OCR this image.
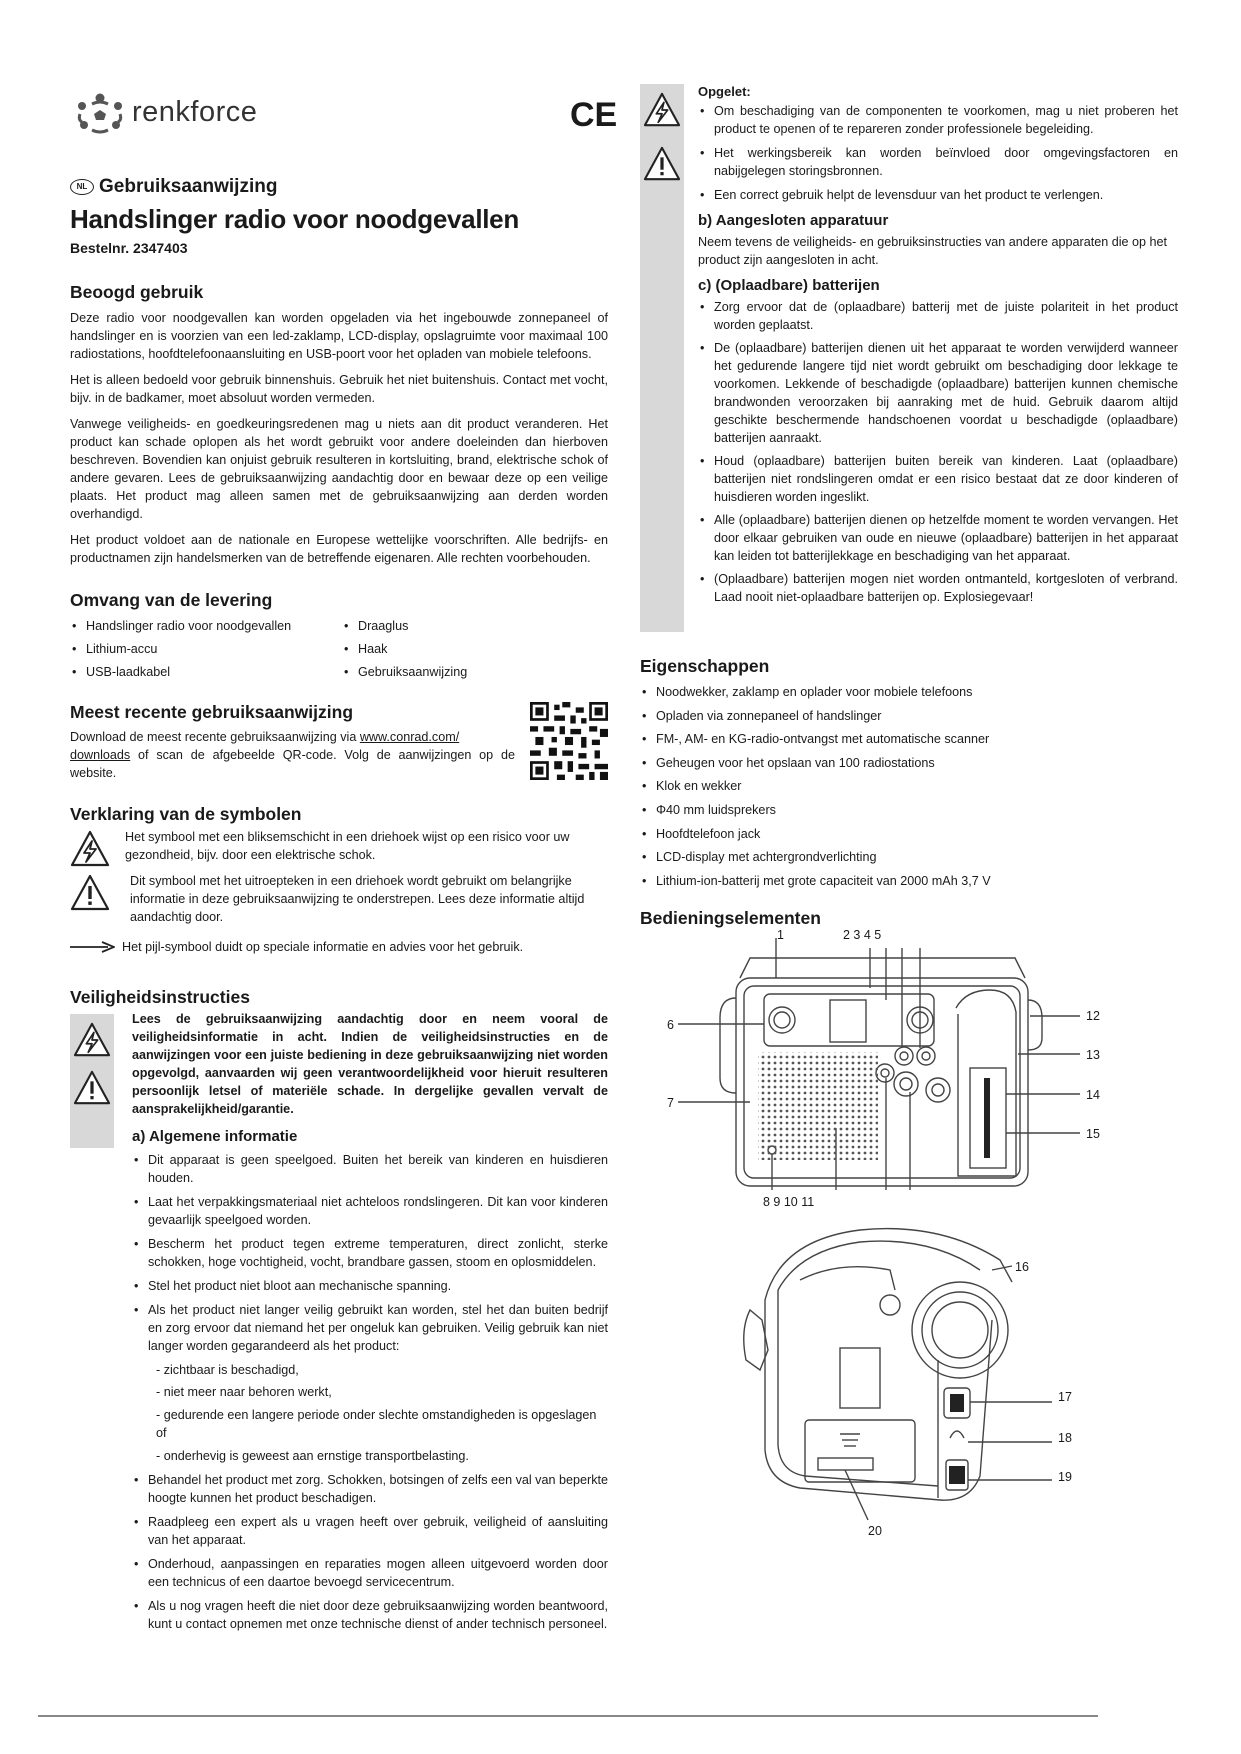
renkforce	CE
NL Gebruiksaanwijzing
Handslinger radio voor noodgevallen
Bestelnr. 2347403
Beoogd gebruik

Deze radio voor noodgevallen kan worden opgeladen via het ingebouwde zonnepaneel of handslinger en is voorzien van een led-zaklamp, LCD-display, opslagruimte voor maximaal 100 radiostations, hoofdtelefoonaansluiting en USB-poort voor het opladen van mobiele telefoons.

Het is alleen bedoeld voor gebruik binnenshuis. Gebruik het niet buitenshuis. Contact met vocht, bijv. in de badkamer, moet absoluut worden vermeden.

Vanwege veiligheids- en goedkeuringsredenen mag u niets aan dit product veranderen. Het product kan schade oplopen als het wordt gebruikt voor andere doeleinden dan hierboven beschreven. Bovendien kan onjuist gebruik resulteren in kortsluiting, brand, elektrische schok of andere gevaren. Lees de gebruiksaanwijzing aandachtig door en bewaar deze op een veilige plaats. Het product mag alleen samen met de gebruiksaanwijzing aan derden worden overhandigd.

Het product voldoet aan de nationale en Europese wettelijke voorschriften. Alle bedrijfs- en productnamen zijn handelsmerken van de betreffende eigenaren. Alle rechten voorbehouden.

Omvang van de levering
• Handslinger radio voor noodgevallen
• Lithium-accu
• USB-laadkabel
• Draaglus
• Haak
• Gebruiksaanwijzing
Meest recente gebruiksaanwijzing

Download de meest recente gebruiksaanwijzing via www.conrad.com/
downloads of scan de afgebeelde QR-code. Volg de aanwijzingen op de website.

Verklaring van de symbolen

Het symbool met een bliksemschicht in een driehoek wijst op een risico voor uw gezondheid, bijv. door een elektrische schok.

Dit symbool met het uitroepteken in een driehoek wordt gebruikt om belangrijke informatie in deze gebruiksaanwijzing te onderstrepen. Lees deze informatie altijd aandachtig door.

Het pijl-symbool duidt op speciale informatie en advies voor het gebruik.

Veiligheidsinstructies

Lees de gebruiksaanwijzing aandachtig door en neem vooral de veiligheidsinformatie in acht. Indien de veiligheidsinstructies en de aanwijzingen voor een juiste bediening in deze gebruiksaanwijzing niet worden opgevolgd, aanvaarden wij geen verantwoordelijkheid voor hieruit resulteren persoonlijk letsel of materiële schade. In dergelijke gevallen vervalt de aansprakelijkheid/garantie.

a) Algemene informatie
• Dit apparaat is geen speelgoed. Buiten het bereik van kinderen en huisdieren houden.
• Laat het verpakkingsmateriaal niet achteloos rondslingeren. Dit kan voor kinderen gevaarlijk speelgoed worden.
• Bescherm het product tegen extreme temperaturen, direct zonlicht, sterke schokken, hoge vochtigheid, vocht, brandbare gassen, stoom en oplosmiddelen.
• Stel het product niet bloot aan mechanische spanning.
• Als het product niet langer veilig gebruikt kan worden, stel het dan buiten bedrijf en zorg ervoor dat niemand het per ongeluk kan gebruiken. Veilig gebruik kan niet langer worden gegarandeerd als het product:
- zichtbaar is beschadigd,
- niet meer naar behoren werkt,
- gedurende een langere periode onder slechte omstandigheden is opgeslagen of
- onderhevig is geweest aan ernstige transportbelasting.
• Behandel het product met zorg. Schokken, botsingen of zelfs een val van beperkte hoogte kunnen het product beschadigen.
• Raadpleeg een expert als u vragen heeft over gebruik, veiligheid of aansluiting van het apparaat.
• Onderhoud, aanpassingen en reparaties mogen alleen uitgevoerd worden door een technicus of een daartoe bevoegd servicecentrum.
• Als u nog vragen heeft die niet door deze gebruiksaanwijzing worden beantwoord, kunt u contact opnemen met onze technische dienst of ander technisch personeel.
Opgelet:
• Om beschadiging van de componenten te voorkomen, mag u niet proberen het product te openen of te repareren zonder professionele begeleiding.
• Het werkingsbereik kan worden beïnvloed door omgevingsfactoren en nabijgelegen storingsbronnen.
• Een correct gebruik helpt de levensduur van het product te verlengen.
b) Aangesloten apparatuur

Neem tevens de veiligheids- en gebruiksinstructies van andere apparaten die op het product zijn aangesloten in acht.

c) (Oplaadbare) batterijen
• Zorg ervoor dat de (oplaadbare) batterij met de juiste polariteit in het product worden geplaatst.
• De (oplaadbare) batterijen dienen uit het apparaat te worden verwijderd wanneer het gedurende langere tijd niet wordt gebruikt om beschadiging door lekkage te voorkomen. Lekkende of beschadigde (oplaadbare) batterijen kunnen chemische brandwonden veroorzaken bij aanraking met de huid. Gebruik daarom altijd geschikte beschermende handschoenen voordat u beschadigde (oplaadbare) batterijen aanraakt.
• Houd (oplaadbare) batterijen buiten bereik van kinderen. Laat (oplaadbare) batterijen niet rondslingeren omdat er een risico bestaat dat ze door kinderen of huisdieren worden ingeslikt.
• Alle (oplaadbare) batterijen dienen op hetzelfde moment te worden vervangen. Het door elkaar gebruiken van oude en nieuwe (oplaadbare) batterijen in het apparaat kan leiden tot batterijlekkage en beschadiging van het apparaat.
• (Oplaadbare) batterijen mogen niet worden ontmanteld, kortgesloten of verbrand. Laad nooit niet-oplaadbare batterijen op. Explosiegevaar!
Eigenschappen
• Noodwekker, zaklamp en oplader voor mobiele telefoons
• Opladen via zonnepaneel of handslinger
• FM-, AM- en KG-radio-ontvangst met automatische scanner
• Geheugen voor het opslaan van 100 radiostations
• Klok en wekker
• Φ40 mm luidsprekers
• Hoofdtelefoon jack
• LCD-display met achtergrondverlichting
• Lithium-ion-batterij met grote capaciteit van 2000 mAh 3,7 V
Bedieningselementen
1	2 3 4 5
6
7
12
13
14
15
8 9 10 11
16
17
18
19
20
